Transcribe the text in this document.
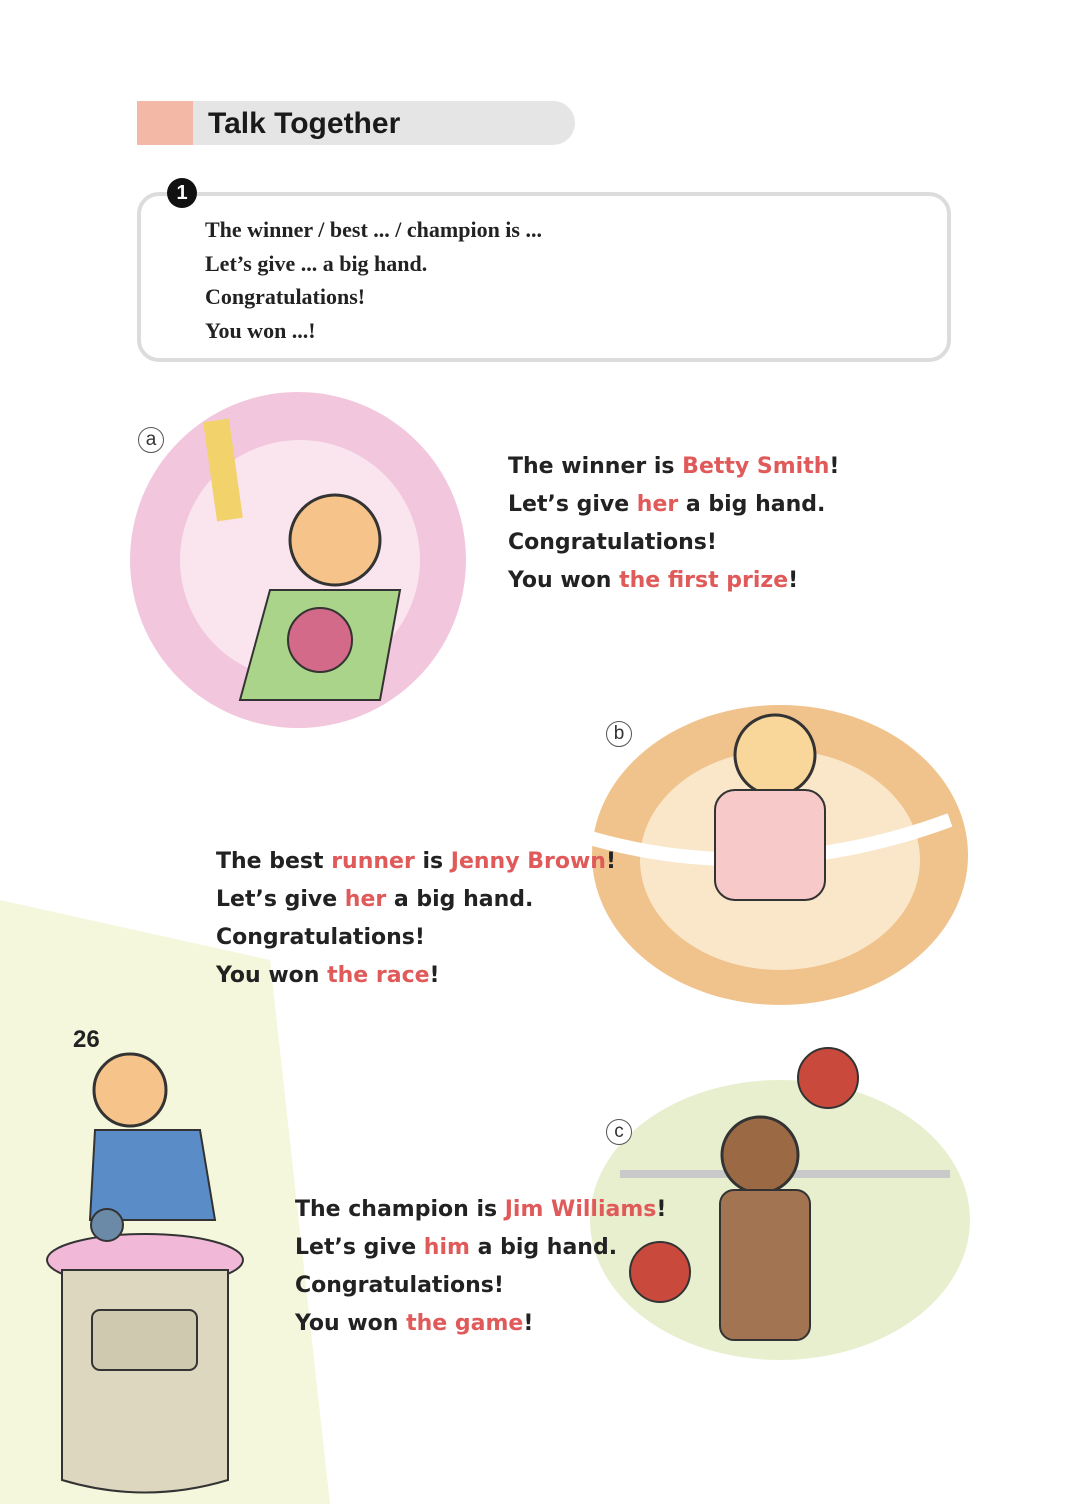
Talk Together
1
The winner / best ... / champion is ...
Let’s give ... a big hand.
Congratulations!
You won ...!
a
b
c
The winner is Betty Smith!
Let’s give her a big hand.
Congratulations!
You won the first prize!
The best runner is Jenny Brown!
Let’s give her a big hand.
Congratulations!
You won the race!
The champion is Jim Williams!
Let’s give him a big hand.
Congratulations!
You won the game!
26
